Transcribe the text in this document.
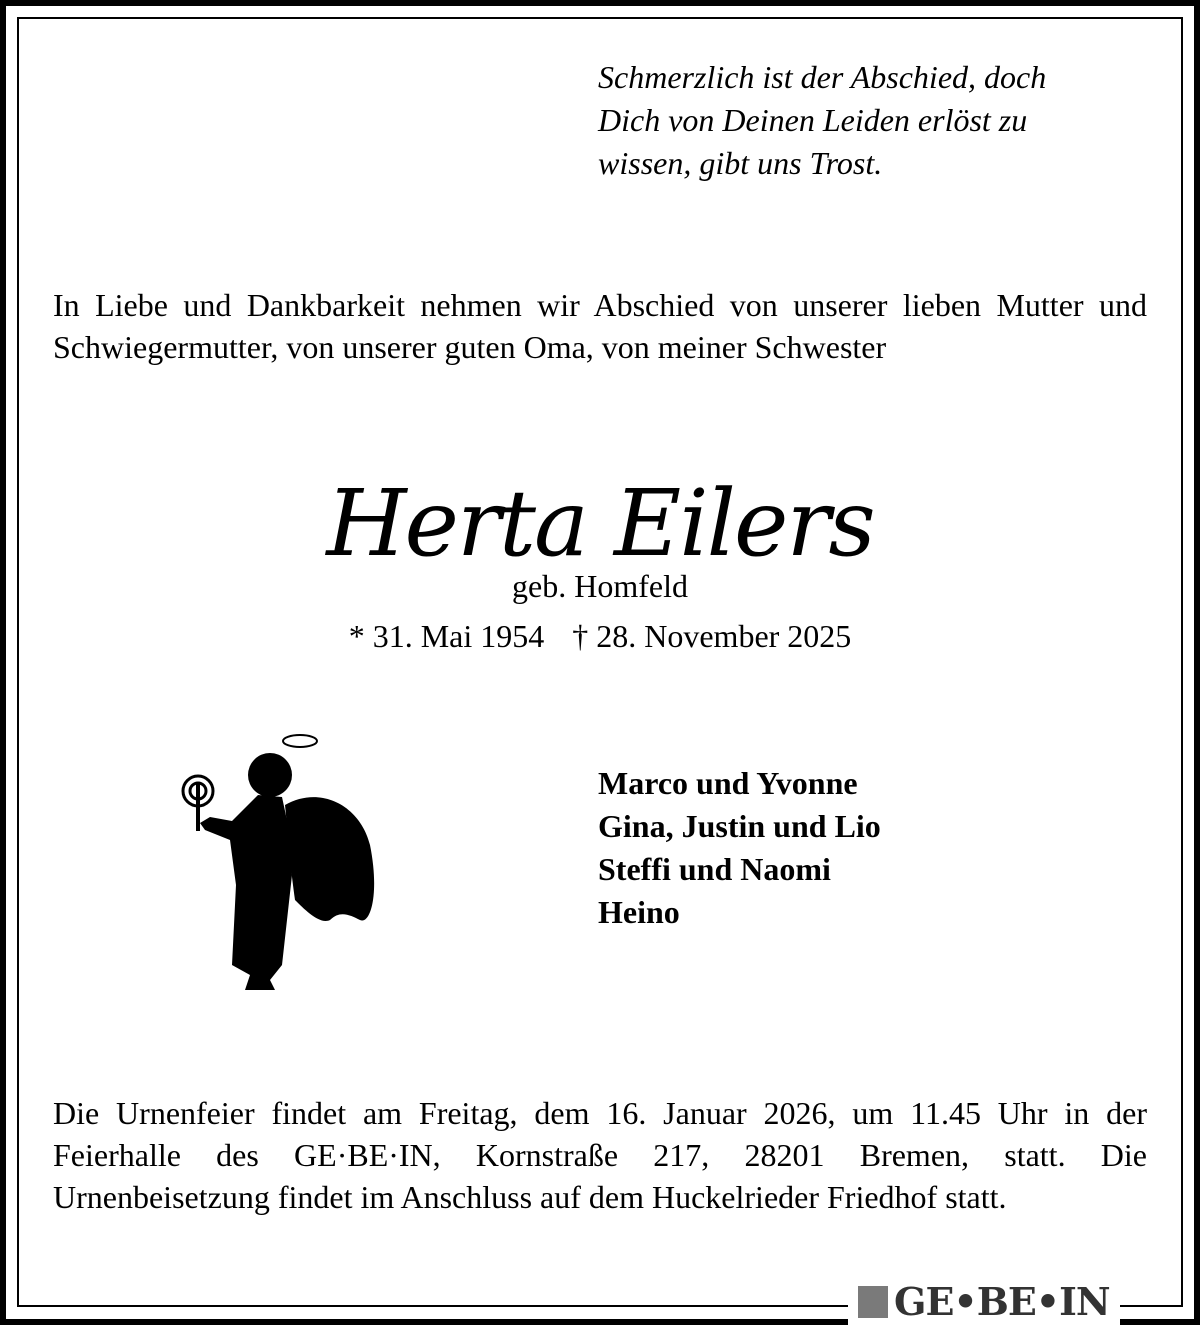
Schmerzlich ist der Abschied, doch
Dich von Deinen Leiden erlöst zu
wissen, gibt uns Trost.
In Liebe und Dankbarkeit nehmen wir Abschied von unserer lieben Mutter und Schwiegermutter, von unserer guten Oma, von meiner Schwester
Herta Eilers
geb. Homfeld
* 31. Mai 1954 † 28. November 2025
Marco und Yvonne
Gina, Justin und Lio
Steffi und Naomi
Heino
Die Urnenfeier findet am Freitag, dem 16. Januar 2026, um 11.45 Uhr in der Feierhalle des GE·BE·IN, Kornstraße 217, 28201 Bremen, statt. Die Urnenbeisetzung findet im Anschluss auf dem Huckelrieder Friedhof statt.
GE•BE•IN
